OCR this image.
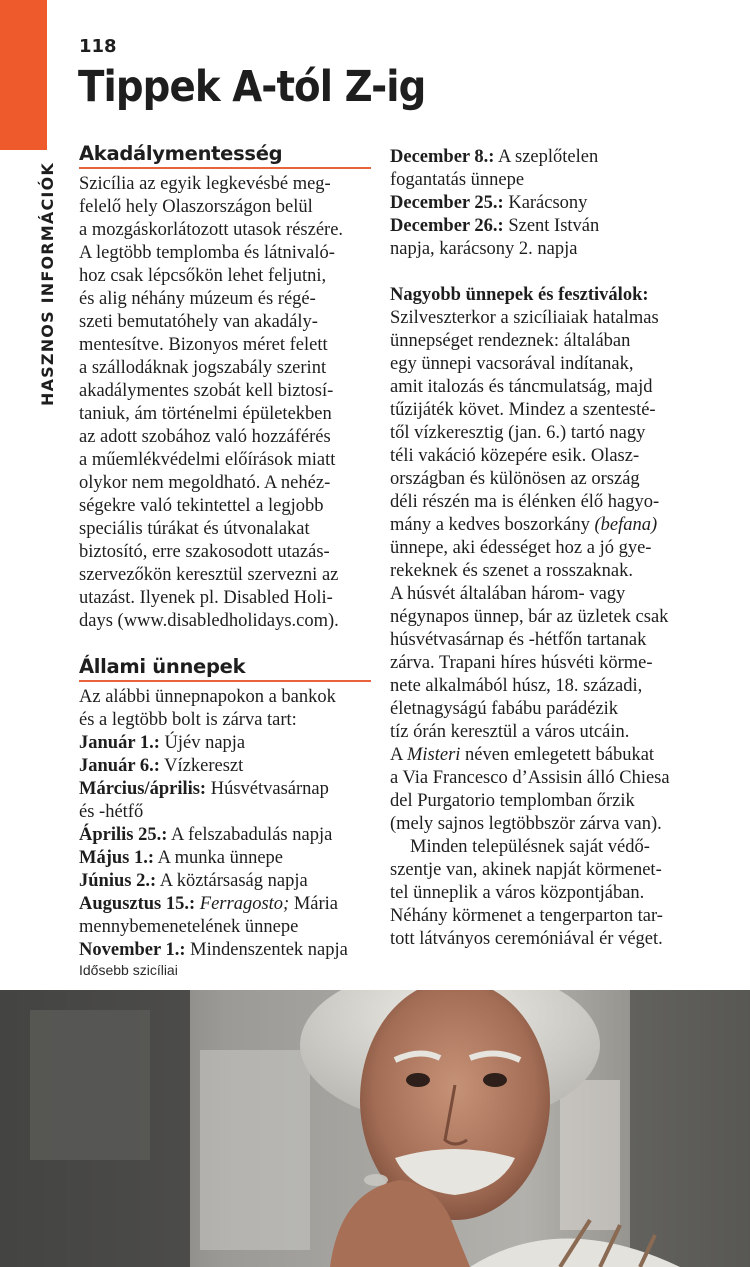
HASZNOS INFORMÁCIÓK
118
Tippek A-tól Z-ig
Akadálymentesség
Szicília az egyik legkevésbé meg-
felelő hely Olaszországon belül
a mozgáskorlátozott utasok részére.
A legtöbb templomba és látnivaló-
hoz csak lépcsőkön lehet feljutni,
és alig néhány múzeum és régé-
szeti bemutatóhely van akadály-
mentesítve. Bizonyos méret felett
a szállodáknak jogszabály szerint
akadálymentes szobát kell biztosí-
taniuk, ám történelmi épületekben
az adott szobához való hozzáférés
a műemlékvédelmi előírások miatt
olykor nem megoldható. A nehéz-
ségekre való tekintettel a legjobb
speciális túrákat és útvonalakat
biztosító, erre szakosodott utazás-
szervezőkön keresztül szervezni az
utazást. Ilyenek pl. Disabled Holi-
days (www.disabledholidays.com).
Állami ünnepek
Az alábbi ünnepnapokon a bankok
és a legtöbb bolt is zárva tart:
Január 1.: Újév napja
Január 6.: Vízkereszt
Március/április: Húsvétvasárnap
és -hétfő
Április 25.: A felszabadulás napja
Május 1.: A munka ünnepe
Június 2.: A köztársaság napja
Augusztus 15.: Ferragosto; Mária
mennybemenetelének ünnepe
November 1.: Mindenszentek napja
December 8.: A szeplőtelen
fogantatás ünnepe
December 25.: Karácsony
December 26.: Szent István
napja, karácsony 2. napja
Nagyobb ünnepek és fesztiválok:
Szilveszterkor a szicíliaiak hatalmas
ünnepséget rendeznek: általában
egy ünnepi vacsorával indítanak,
amit italozás és táncmulatság, majd
tűzijáték követ. Mindez a szentesté-
től vízkeresztig (jan. 6.) tartó nagy
téli vakáció közepére esik. Olasz-
országban és különösen az ország
déli részén ma is élénken élő hagyo-
mány a kedves boszorkány (befana)
ünnepe, aki édességet hoz a jó gye-
rekeknek és szenet a rosszaknak.
A húsvét általában három- vagy
négynapos ünnep, bár az üzletek csak
húsvétvasárnap és -hétfőn tartanak
zárva. Trapani híres húsvéti körme-
nete alkalmából húsz, 18. századi,
életnagyságú fabábu parádézik
tíz órán keresztül a város utcáin.
A Misteri néven emlegetett bábukat
a Via Francesco d’Assisin álló Chiesa
del Purgatorio templomban őrzik
(mely sajnos legtöbbször zárva van).
Minden településnek saját védő-
szentje van, akinek napját körmenet-
tel ünneplik a város központjában.
Néhány körmenet a tengerparton tar-
tott látványos ceremóniával ér véget.
Idősebb szicíliai
